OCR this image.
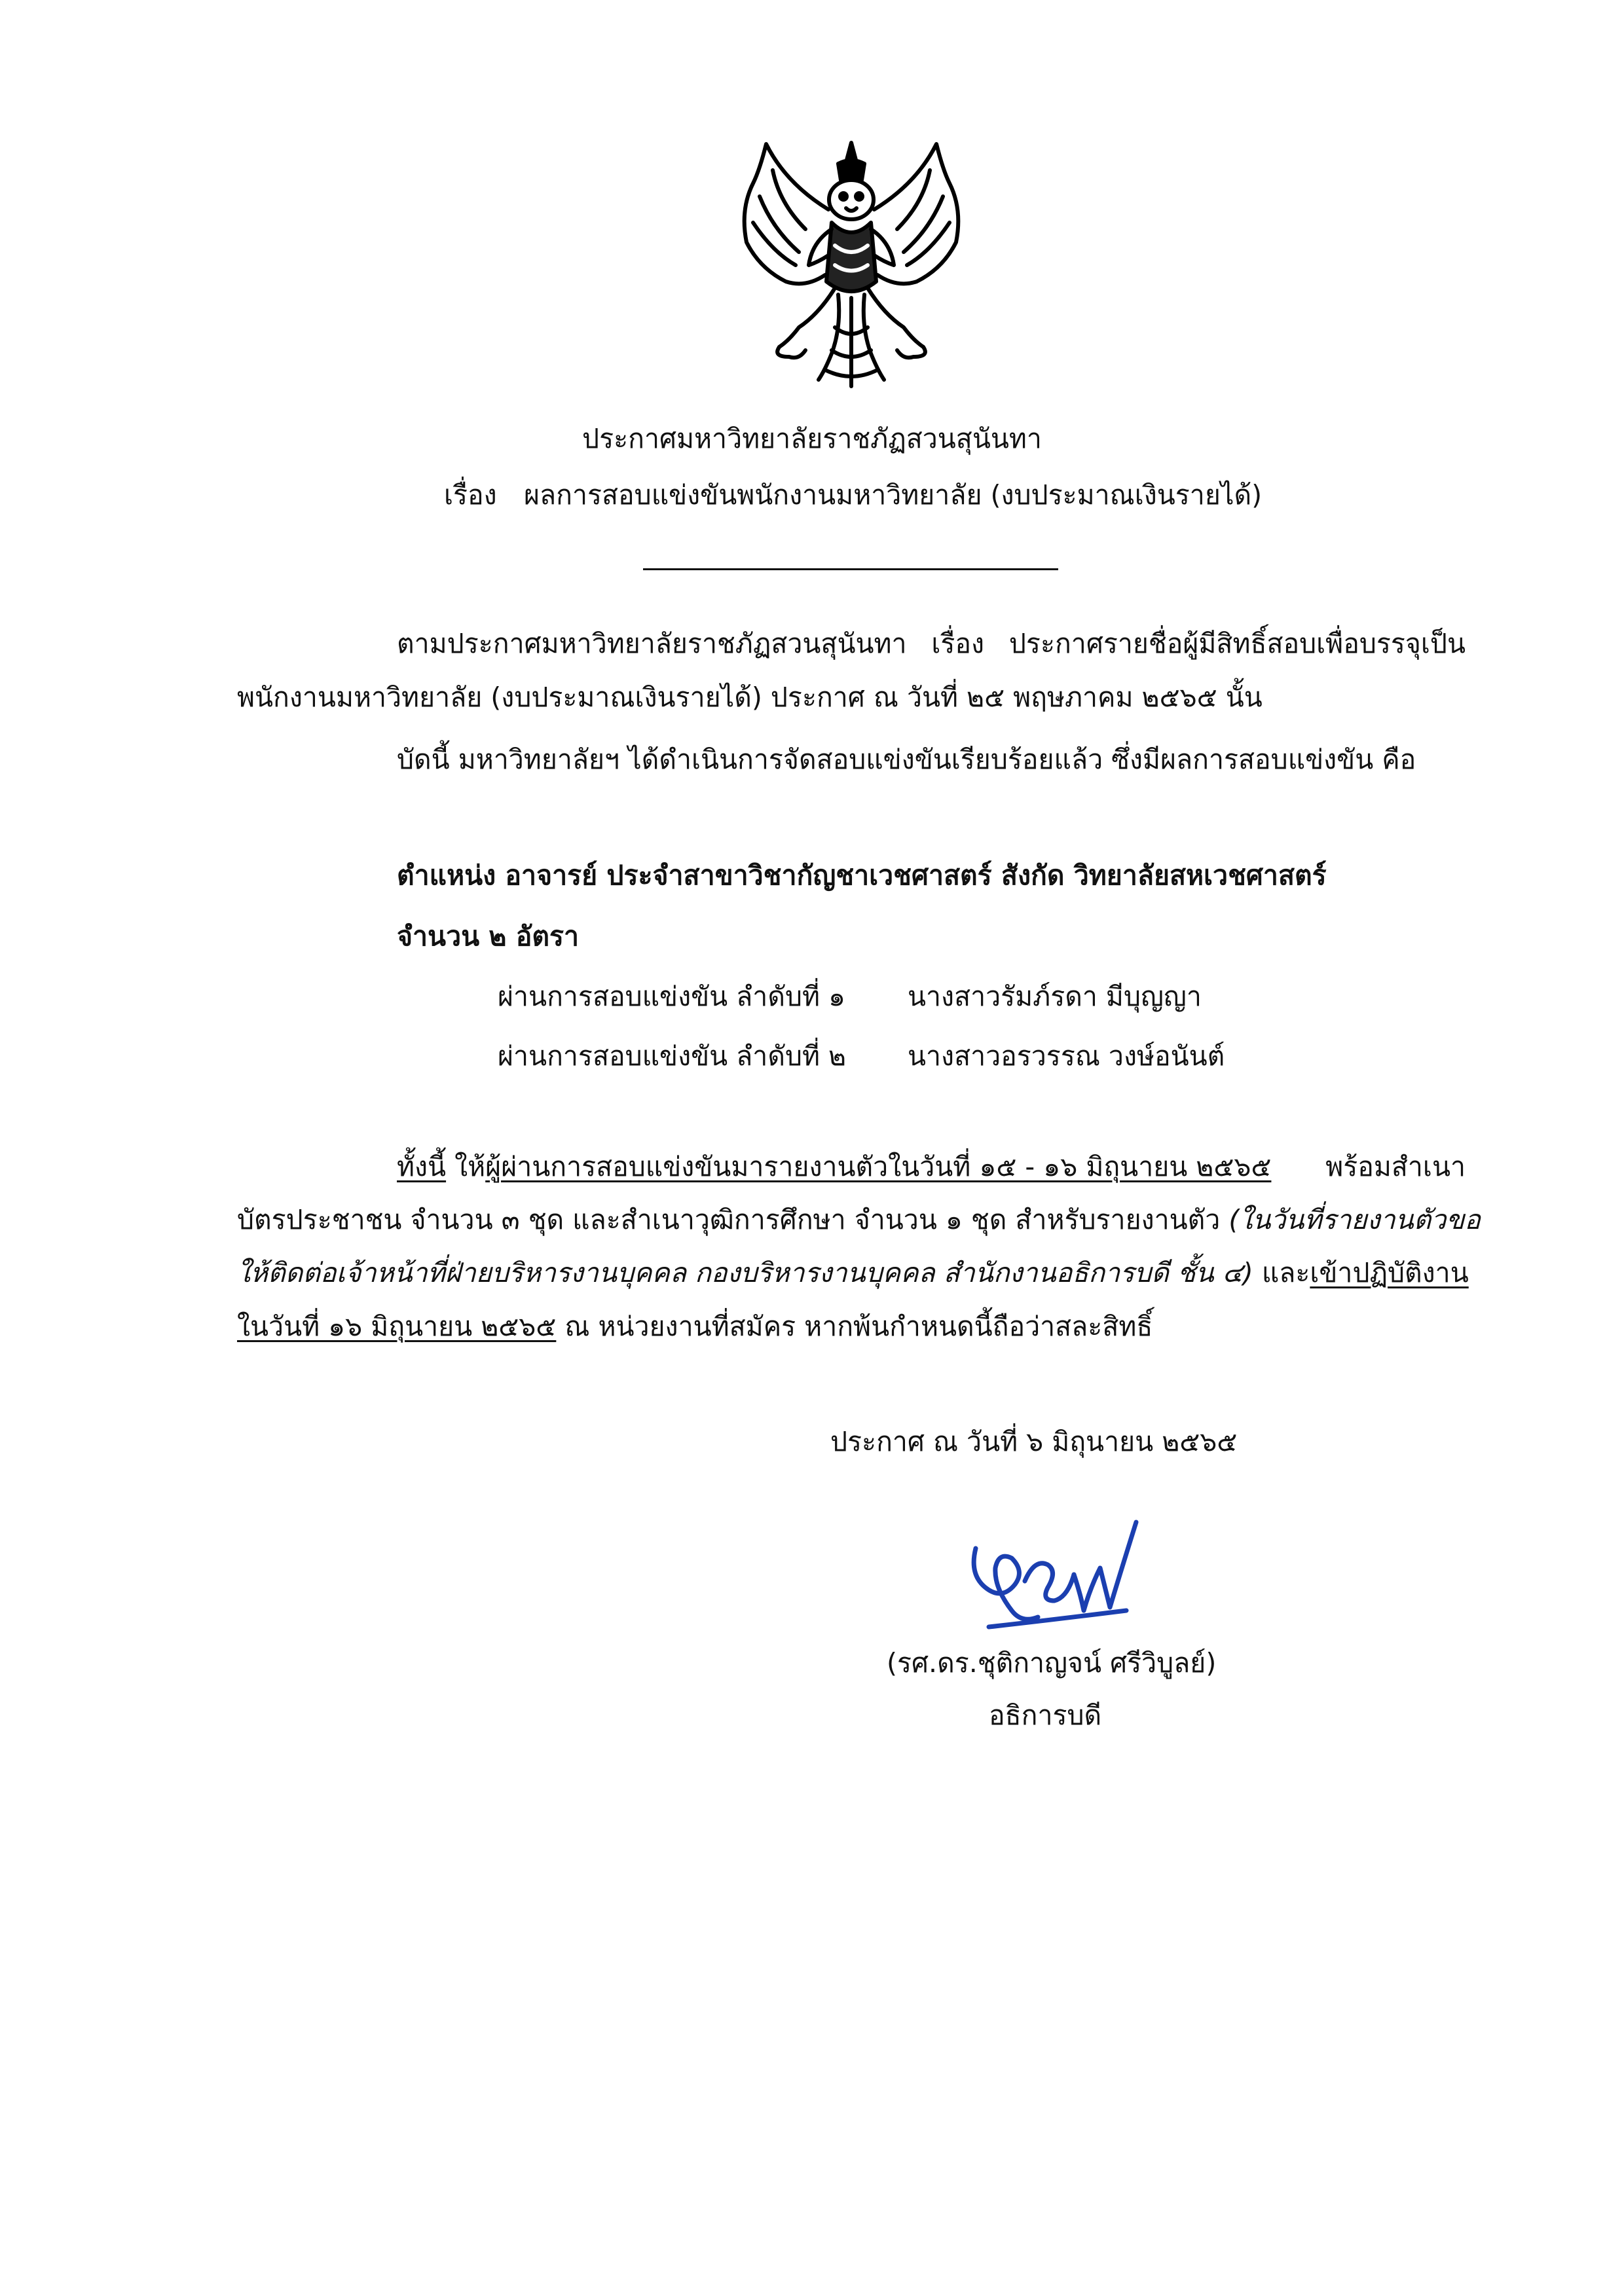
ประกาศมหาวิทยาลัยราชภัฏสวนสุนันทา
เรื่อง ผลการสอบแข่งขันพนักงานมหาวิทยาลัย (งบประมาณเงินรายได้)
ตามประกาศมหาวิทยาลัยราชภัฏสวนสุนันทา เรื่อง ประกาศรายชื่อผู้มีสิทธิ์สอบเพื่อบรรจุเป็น
พนักงานมหาวิทยาลัย (งบประมาณเงินรายได้) ประกาศ ณ วันที่ ๒๕ พฤษภาคม ๒๕๖๕ นั้น
บัดนี้ มหาวิทยาลัยฯ ได้ดำเนินการจัดสอบแข่งขันเรียบร้อยแล้ว ซึ่งมีผลการสอบแข่งขัน คือ
ตำแหน่ง อาจารย์ ประจำสาขาวิชากัญชาเวชศาสตร์ สังกัด วิทยาลัยสหเวชศาสตร์
จำนวน ๒ อัตรา
ผ่านการสอบแข่งขัน ลำดับที่ ๑ นางสาวรัมภ์รดา มีบุญญา
ผ่านการสอบแข่งขัน ลำดับที่ ๒ นางสาวอรวรรณ วงษ์อนันต์
ทั้งนี้ ให้ผู้ผ่านการสอบแข่งขันมารายงานตัวในวันที่ ๑๕ - ๑๖ มิถุนายน ๒๕๖๕ พร้อมสำเนา
บัตรประชาชน จำนวน ๓ ชุด และสำเนาวุฒิการศึกษา จำนวน ๑ ชุด สำหรับรายงานตัว (ในวันที่รายงานตัวขอ
ให้ติดต่อเจ้าหน้าที่ฝ่ายบริหารงานบุคคล กองบริหารงานบุคคล สำนักงานอธิการบดี ชั้น ๔) และเข้าปฏิบัติงาน
ในวันที่ ๑๖ มิถุนายน ๒๕๖๕ ณ หน่วยงานที่สมัคร หากพ้นกำหนดนี้ถือว่าสละสิทธิ์
ประกาศ ณ วันที่ ๖ มิถุนายน ๒๕๖๕
(รศ.ดร.ชุติกาญจน์ ศรีวิบูลย์)
อธิการบดี
